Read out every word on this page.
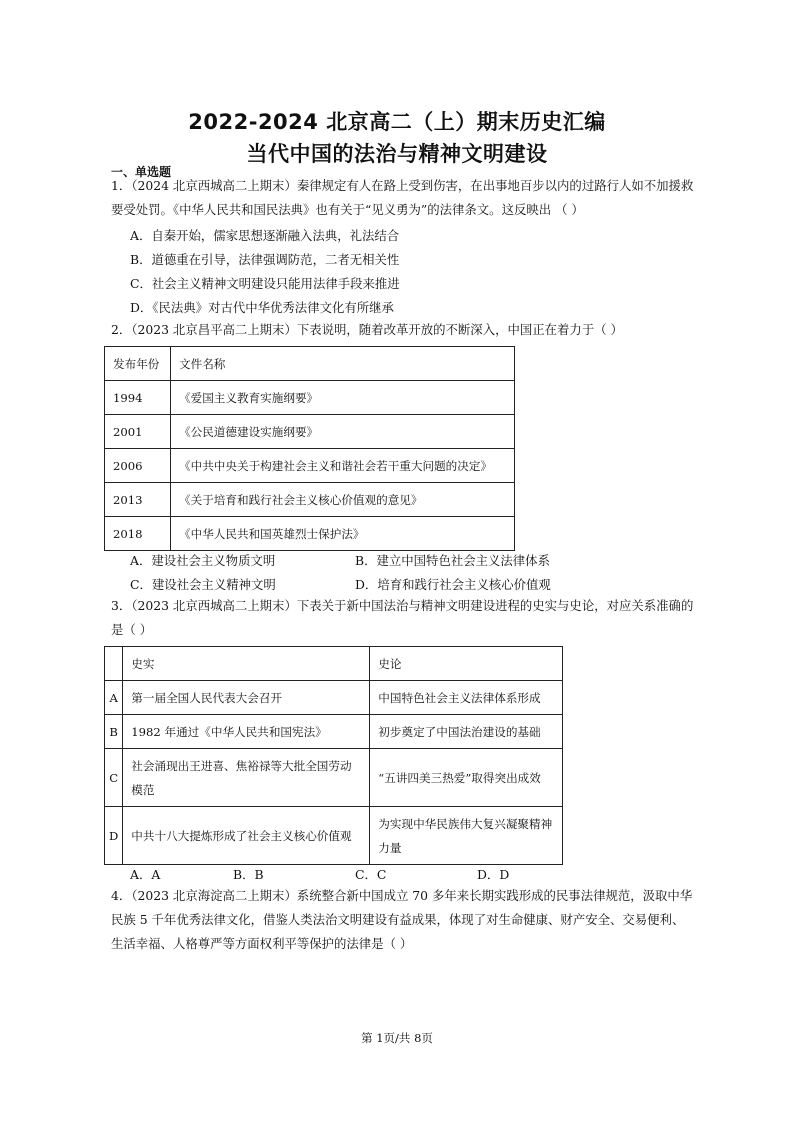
2022-2024 北京高二（上）期末历史汇编
当代中国的法治与精神文明建设
一、单选题
1．（2024 北京西城高二上期末）秦律规定有人在路上受到伤害，在出事地百步以内的过路行人如不加援救
要受处罚。《中华人民共和国民法典》也有关于“见义勇为”的法律条文。这反映出 （ ）
A．自秦开始，儒家思想逐渐融入法典，礼法结合
B．道德重在引导，法律强调防范，二者无相关性
C．社会主义精神文明建设只能用法律手段来推进
D．《民法典》对古代中华优秀法律文化有所继承
2．（2023 北京昌平高二上期末）下表说明，随着改革开放的不断深入，中国正在着力于（ ）
发布年份	文件名称
1994	《爱国主义教育实施纲要》
2001	《公民道德建设实施纲要》
2006	《中共中央关于构建社会主义和谐社会若干重大问题的决定》
2013	《关于培育和践行社会主义核心价值观的意见》
2018	《中华人民共和国英雄烈士保护法》
A．建设社会主义物质文明	B．建立中国特色社会主义法律体系
C．建设社会主义精神文明	D．培育和践行社会主义核心价值观
3．（2023 北京西城高二上期末）下表关于新中国法治与精神文明建设进程的史实与史论，对应关系准确的
是（ ）
	史实	史论
A	第一届全国人民代表大会召开	中国特色社会主义法律体系形成
B	1982 年通过《中华人民共和国宪法》	初步奠定了中国法治建设的基础
C	社会涌现出王进喜、焦裕禄等大批全国劳动模范	“五讲四美三热爱”取得突出成效
D	中共十八大提炼形成了社会主义核心价值观	为实现中华民族伟大复兴凝聚精神力量
A．A	B．B	C．C	D．D
4．（2023 北京海淀高二上期末）系统整合新中国成立 70 多年来长期实践形成的民事法律规范，汲取中华
民族 5 千年优秀法律文化，借鉴人类法治文明建设有益成果，体现了对生命健康、财产安全、交易便利、
生活幸福、人格尊严等方面权利平等保护的法律是（ ）
第 1页/共 8页
